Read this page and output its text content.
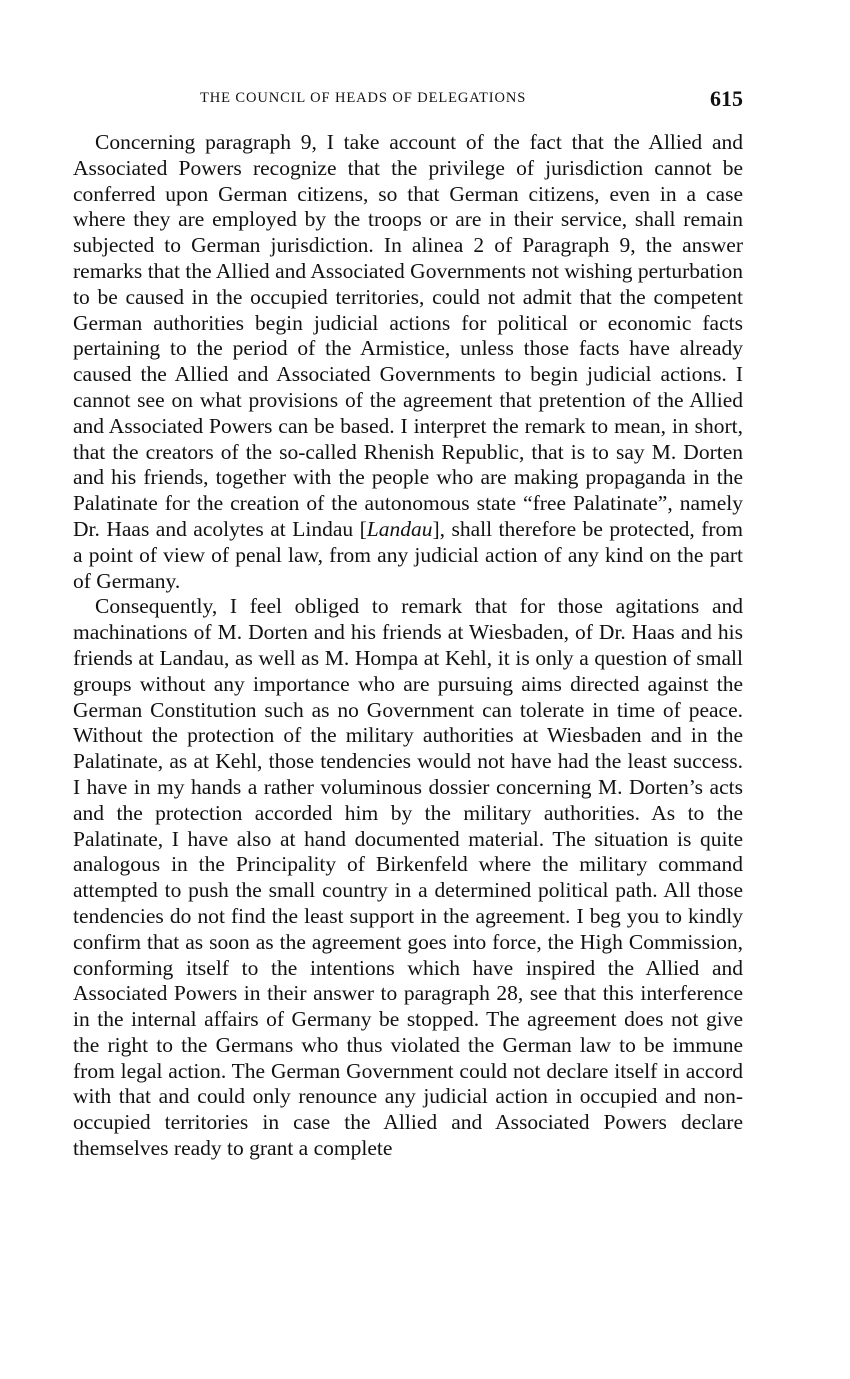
THE COUNCIL OF HEADS OF DELEGATIONS	615

Concerning paragraph 9, I take account of the fact that the Allied and Associated Powers recognize that the privilege of jurisdiction cannot be conferred upon German citizens, so that German citizens, even in a case where they are employed by the troops or are in their service, shall remain subjected to German jurisdiction. In alinea 2 of Paragraph 9, the answer remarks that the Allied and Associated Governments not wishing perturbation to be caused in the occupied territories, could not admit that the competent German authorities begin judicial actions for political or economic facts pertaining to the period of the Armistice, unless those facts have already caused the Allied and Associated Governments to begin judicial actions. I cannot see on what provisions of the agreement that pretention of the Allied and Associated Powers can be based. I interpret the remark to mean, in short, that the creators of the so-called Rhenish Republic, that is to say M. Dorten and his friends, together with the people who are making propaganda in the Palatinate for the creation of the autonomous state “free Palatinate”, namely Dr. Haas and acolytes at Lindau [Landau], shall therefore be protected, from a point of view of penal law, from any judicial action of any kind on the part of Germany.

Consequently, I feel obliged to remark that for those agitations and machinations of M. Dorten and his friends at Wiesbaden, of Dr. Haas and his friends at Landau, as well as M. Hompa at Kehl, it is only a question of small groups without any importance who are pursuing aims directed against the German Constitution such as no Government can tolerate in time of peace. Without the protection of the military authorities at Wiesbaden and in the Palatinate, as at Kehl, those tendencies would not have had the least success. I have in my hands a rather voluminous dossier concerning M. Dorten’s acts and the protection accorded him by the military authorities. As to the Palatinate, I have also at hand documented material. The situation is quite analogous in the Principality of Birkenfeld where the military command attempted to push the small country in a determined political path. All those tendencies do not find the least support in the agreement. I beg you to kindly confirm that as soon as the agreement goes into force, the High Commission, conforming itself to the intentions which have inspired the Allied and Associated Powers in their answer to paragraph 28, see that this interference in the internal affairs of Germany be stopped. The agreement does not give the right to the Germans who thus violated the German law to be immune from legal action. The German Government could not declare itself in accord with that and could only renounce any judicial action in occupied and non-occupied territories in case the Allied and Associated Powers declare themselves ready to grant a complete
